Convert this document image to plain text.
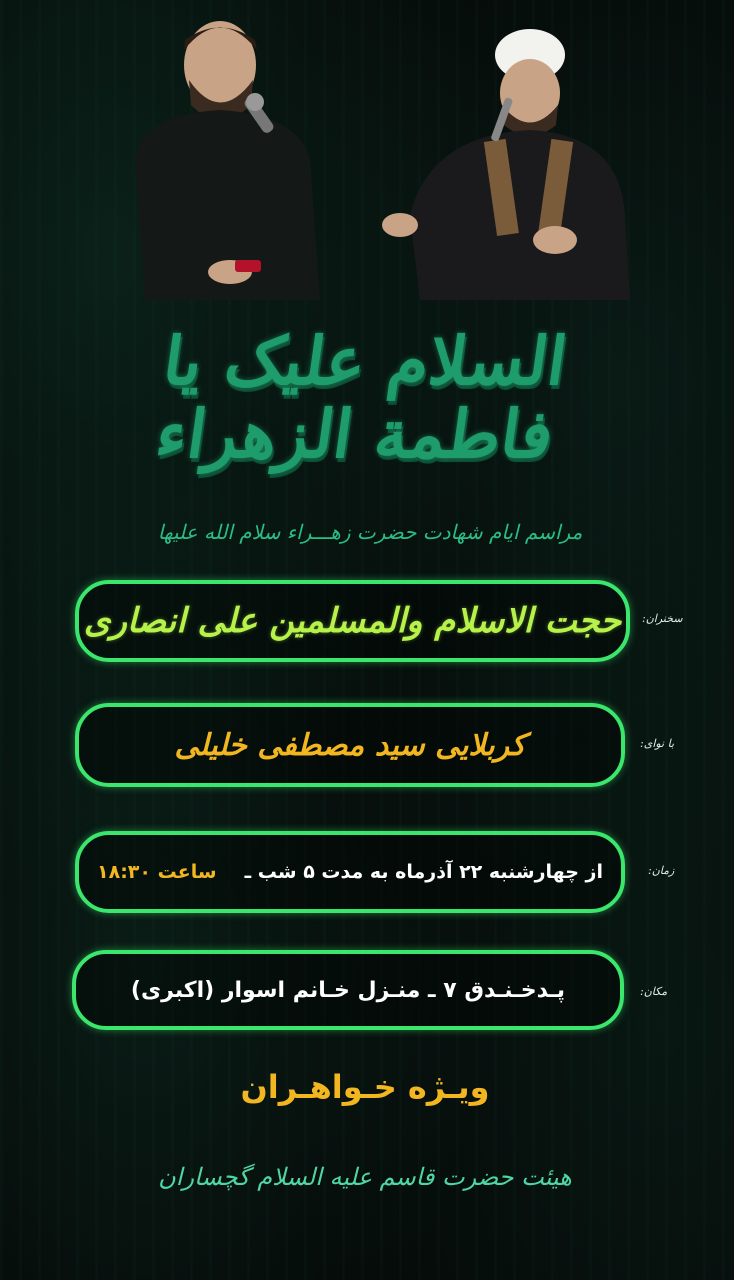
السلام علیک یا فاطمة الزهراء
مراسم ایام شهادت حضرت زهـــراء سلام الله علیها
سخنران:
حجت الاسلام والمسلمین علی انصاری
با نوای:
کربلایی سید مصطفی خلیلی
زمان:
از چهارشنبه ۲۲ آذرماه به مدت ۵ شب ـ
ساعت ۱۸:۳۰
مکان:
پـدخـنـدق ۷ ـ منـزل خـانم اسوار (اکبری)
ویـژه خـواهـران
هیئت حضرت قاسم علیه السلام گچساران
